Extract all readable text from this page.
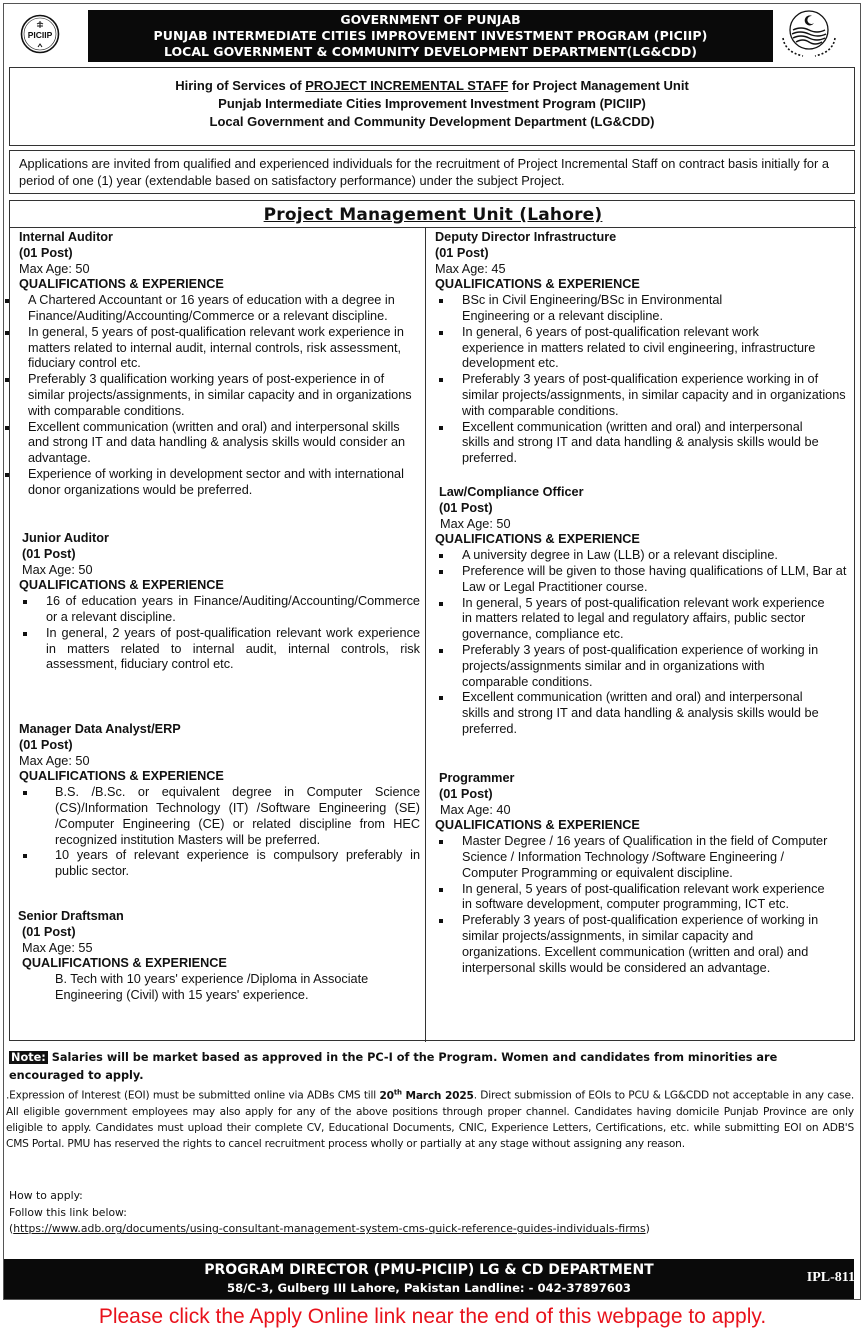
PICIIP
GOVERNMENT OF PUNJAB
PUNJAB INTERMEDIATE CITIES IMPROVEMENT INVESTMENT PROGRAM (PICIIP)
LOCAL GOVERNMENT & COMMUNITY DEVELOPMENT DEPARTMENT(LG&CDD)
Hiring of Services of PROJECT INCREMENTAL STAFF for Project Management Unit
Punjab Intermediate Cities Improvement Investment Program (PICIIP)
Local Government and Community Development Department (LG&CDD)
Applications are invited from qualified and experienced individuals for the recruitment of Project Incremental Staff on contract basis initially for a period of one (1) year (extendable based on satisfactory performance) under the subject Project.
Project Management Unit (Lahore)
Internal Auditor
(01 Post)
Max Age: 50
QUALIFICATIONS & EXPERIENCE
A Chartered Accountant or 16 years of education with a degree in Finance/Auditing/Accounting/Commerce or a relevant discipline.
In general, 5 years of post-qualification relevant work experience in matters related to internal audit, internal controls, risk assessment, fiduciary control etc.
Preferably 3 qualification working years of post-experience in of similar projects/assignments, in similar capacity and in organizations with comparable conditions.
Excellent communication (written and oral) and interpersonal skills and strong IT and data handling & analysis skills would consider an advantage.
Experience of working in development sector and with international donor organizations would be preferred.
Junior Auditor
(01 Post)
Max Age: 50
QUALIFICATIONS & EXPERIENCE
16 of education years in Finance/Auditing/Accounting/Commerce or a relevant discipline.
In general, 2 years of post-qualification relevant work experience in matters related to internal audit, internal controls, risk assessment, fiduciary control etc.
Manager Data Analyst/ERP
(01 Post)
Max Age: 50
QUALIFICATIONS & EXPERIENCE
B.S. /B.Sc. or equivalent degree in Computer Science (CS)/Information Technology (IT) /Software Engineering (SE) /Computer Engineering (CE) or related discipline from HEC recognized institution Masters will be preferred.
10 years of relevant experience is compulsory preferably in public sector.
Senior Draftsman
(01 Post)
Max Age: 55
QUALIFICATIONS & EXPERIENCE
B. Tech with 10 years' experience /Diploma in Associate Engineering (Civil) with 15 years' experience.
Deputy Director Infrastructure
(01 Post)
Max Age: 45
QUALIFICATIONS & EXPERIENCE
BSc in Civil Engineering/BSc in Environmental Engineering or a relevant discipline.
In general, 6 years of post-qualification relevant work experience in matters related to civil engineering, infrastructure development etc.
Preferably 3 years of post-qualification experience working in of similar projects/assignments, in similar capacity and in organizations with comparable conditions.
Excellent communication (written and oral) and interpersonal skills and strong IT and data handling & analysis skills would be preferred.
Law/Compliance Officer
(01 Post)
Max Age: 50
QUALIFICATIONS & EXPERIENCE
A university degree in Law (LLB) or a relevant discipline.
Preference will be given to those having qualifications of LLM, Bar at Law or Legal Practitioner course.
In general, 5 years of post-qualification relevant work experience in matters related to legal and regulatory affairs, public sector governance, compliance etc.
Preferably 3 years of post-qualification experience of working in projects/assignments similar and in organizations with comparable conditions.
Excellent communication (written and oral) and interpersonal skills and strong IT and data handling & analysis skills would be preferred.
Programmer
(01 Post)
Max Age: 40
QUALIFICATIONS & EXPERIENCE
Master Degree / 16 years of Qualification in the field of Computer Science / Information Technology /Software Engineering / Computer Programming or equivalent discipline.
In general, 5 years of post-qualification relevant work experience in software development, computer programming, ICT etc.
Preferably 3 years of post-qualification experience of working in similar projects/assignments, in similar capacity and organizations. Excellent communication (written and oral) and interpersonal skills would be considered an advantage.
Note: Salaries will be market based as approved in the PC-I of the Program. Women and candidates from minorities are encouraged to apply.
.Expression of Interest (EOI) must be submitted online via ADBs CMS till 20th March 2025. Direct submission of EOIs to PCU & LG&CDD not acceptable in any case. All eligible government employees may also apply for any of the above positions through proper channel. Candidates having domicile Punjab Province are only eligible to apply. Candidates must upload their complete CV, Educational Documents, CNIC, Experience Letters, Certifications, etc. while submitting EOI on ADB'S CMS Portal. PMU has reserved the rights to cancel recruitment process wholly or partially at any stage without assigning any reason.
How to apply:
Follow this link below:
(https://www.adb.org/documents/using-consultant-management-system-cms-quick-reference-guides-individuals-firms)
PROGRAM DIRECTOR (PMU-PICIIP) LG & CD DEPARTMENT
58/C-3, Gulberg III Lahore, Pakistan Landline: - 042-37897603
IPL-811
Please click the Apply Online link near the end of this webpage to apply.
